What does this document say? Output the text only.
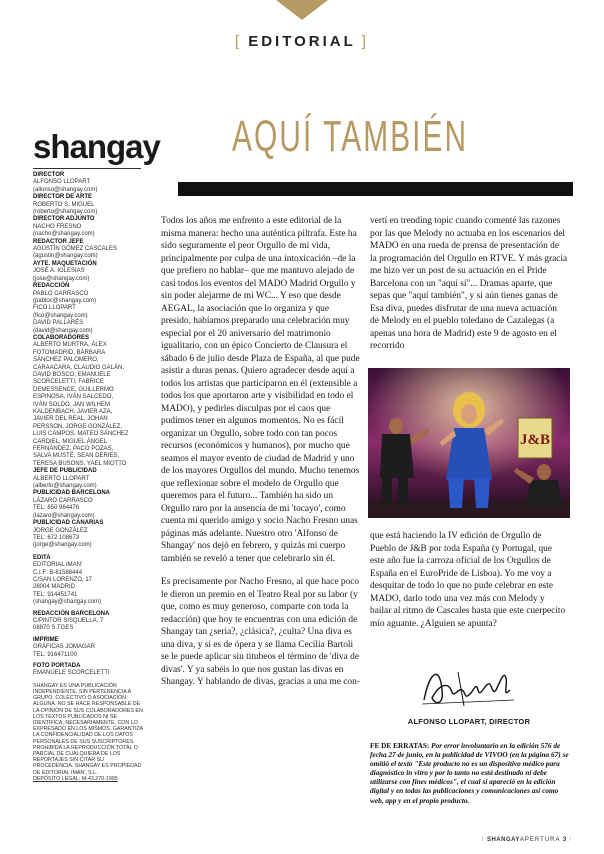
[ EDITORIAL ]
AQUÍ TAMBIÉN
shangay
DIRECTOR
ALFONSO LLOPART
(allonso@shangay.com)
DIRECTOR DE ARTE
ROBERTO S. MIGUEL
(roberto@shangay.com)
DIRECTOR ADJUNTO
NACHO FRESNO
(nacho@shangay.com)
REDACTOR JEFE
AGUSTÍN GÓMEZ CASCALES
(agustin@shangay.com)
AYTE. MAQUETACIÓN
JOSÉ A. IGLESIAS
(jose@shangay.com)
REDACCIÓN
PABLO CARRASCO
(pabloc@shangay.com)
FICO LLOPART
(fico@shangay.com)
DAVID PALLARÉS
(david@shangay.com)
COLABORADORES
ALBERTO MURTRA, ÁLEX
FOTOMADRID, BÁRBARA
SÁNCHEZ PALOMERO,
CARAACARA, CLAUDIO GALÁN,
DAVID BOSCO, EMANUELE
SCORCELETTI, FABRICE
DEMESSENCE, GUILLERMO
ESPINOSA, IVÁN SALCEDO,
IVÁN SOLDO, JAN WILHEM
KALDENBACH, JAVIER AZA,
JAVIER DEL REAL, JOHAN
PERSSON, JORGE GONZÁLEZ,
LUIS CAMPOS, MATEO SÁNCHEZ
CARDIEL, MIGUEL ÁNGEL
FERNÁNDEZ, PACO POZAS,
SALVA MUSTÉ, SEAN DERIES,
TERESA BUSONS, YAEL MIOTTO
JEFE DE PUBLICIDAD
ALBERTO LLOPART
(alberto@shangay.com)
PUBLICIDAD BARCELONA
LÁZARO CARRASCO
TEL: 650 964476
(lazaro@shangay.com)
PUBLICIDAD CANARIAS
JORGE GONZÁLEZ
TEL: 672 108673
(jorge@shangay.com)
EDITA
EDITORIAL IMAN'
C.I.F: B-81588444
C/SAN LORENZO, 17
28004 MADRID
TEL: 914451741
(shangay@shangay.com)
REDACCIÓN BARCELONA
C/PINTOR SISQUELLA, 7
08870 S.TGES
IMPRIME
GRÁFICAS JOMAGAR
TEL: 916471100
FOTO PORTADA
EMANUELE SCORCELETTI
SHANGAY ES UNA PUBLICACIÓN INDEPENDIENTE, SIN PERTENENCIA A GRUPO, COLECTIVO O ASOCIACIÓN ALGUNA. NO SE HACE RESPONSABLE DE LA OPINIÓN DE SUS COLABORADORES EN LOS TEXTOS PUBLICADOS NI SE IDENTIFICA, NECESARIAMENTE, CON LO EXPRESADO EN LOS MISMOS. GARANTIZA LA CONFIDENCIALIDAD DE LOS DATOS PERSONALES DE SUS SUSCRIPTORES. PROHIBIDA LA REPRODUCCIÓN TOTAL O PARCIAL DE CUALQUIERA DE LOS REPORTAJES SIN CITAR SU PROCEDENCIA. SHANGAY ES PROPIEDAD DE EDITORIAL IMAN', S.L.
DEPÓSITO LEGAL: M-43.270-1995

Todos los años me enfrento a este editorial de la misma manera: hecho una auténtica piltrafa. Este ha sido seguramente el peor Orgullo de mi vida, principalmente por culpa de una intoxicación –de la que prefiero no hablar– que me mantuvo alejado de casi todos los eventos del MADO Madrid Orgullo y sin poder alejarme de mi WC... Y eso que desde AEGAL, la asociación que lo organiza y que presido, habíamos preparado una celebración muy especial por el 20 aniversario del matrimonio igualitario, con un épico Concierto de Clausura el sábado 6 de julio desde Plaza de España, al que pude asistir a duras penas. Quiero agradecer desde aquí a todos los artistas que participaron en él (extensible a todos los que aportaron arte y visibilidad en todo el MADO), y pedirles disculpas por el caos que pudimos tener en algunos momentos. No es fácil organizar un Orgullo, sobre todo con tan pocos recursos (económicos y humanos), por mucho que seamos el mayor evento de ciudad de Madrid y uno de los mayores Orgullos del mundo. Mucho tenemos que reflexionar sobre el modelo de Orgullo que queremos para el futuro... También ha sido un Orgullo raro por la ausencia de mi 'tocayo', como cuenta mi querido amigo y socio Nacho Fresno unas páginas más adelante. Nuestro otro 'Alfonso de Shangay' nos dejó en febrero, y quizás mi cuerpo también se reveló a tener que celebrarlo sin él.

Es precisamente por Nacho Fresno, al que hace poco le dieron un premio en el Teatro Real por su labor (y que, como es muy generoso, comparte con toda la redacción) que hoy te encuentras con una edición de Shangay tan ¿seria?, ¿clásica?, ¿culta? Una diva es una diva, y si es de ópera y se llama Cecilia Bartoli se le puede aplicar sin titubeos el término de 'diva de divas'. Y ya sabéis lo que nos gustan las divas en Shangay. Y hablando de divas, gracias a una me con-

vertí en trending topic cuando comenté las razones por las que Melody no actuaba en los escenarios del MADO en una rueda de prensa de presentación de la programación del Orgullo en RTVE. Y más gracia me hizo ver un post de su actuación en el Pride Barcelona con un "aquí sí"... Dramas aparte, que sepas que "aquí también", y si aún tienes ganas de Esa diva, puedes disfrutar de una nueva actuación de Melody en el pueblo toledano de Cazalegas (a apenas una hora de Madrid) este 9 de agosto en el recorrido

J&B

que está haciendo la IV edición de Orgullo de Pueblo de J&B por toda España (y Portugal, que este año fue la carroza oficial de los Orgullos de España en el EuroPride de Lisboa). Yo me voy a desquitar de todo lo que no pude celebrar en este MADO, darlo todo una vez más con Melody y bailar al ritmo de Cascales hasta que este cuerpecito mío aguante. ¿Alguien se apunta?

ALFONSO LLOPART, DIRECTOR
FE DE ERRATAS: Por error involuntario en la edición 576 de fecha 27 de junio, en la publicidad de VIVOO (en la página 67) se omitió el texto "Este producto no es un dispositivo médico para diagnóstico in vitro y por lo tanto no está destinado ni debe utilizarse con fines médicos", el cual sí apareció en la edición digital y en todas las publicaciones y comunicaciones así como web, app y en el propio producto.
/ SHANGAYAPERTURA 3 /
